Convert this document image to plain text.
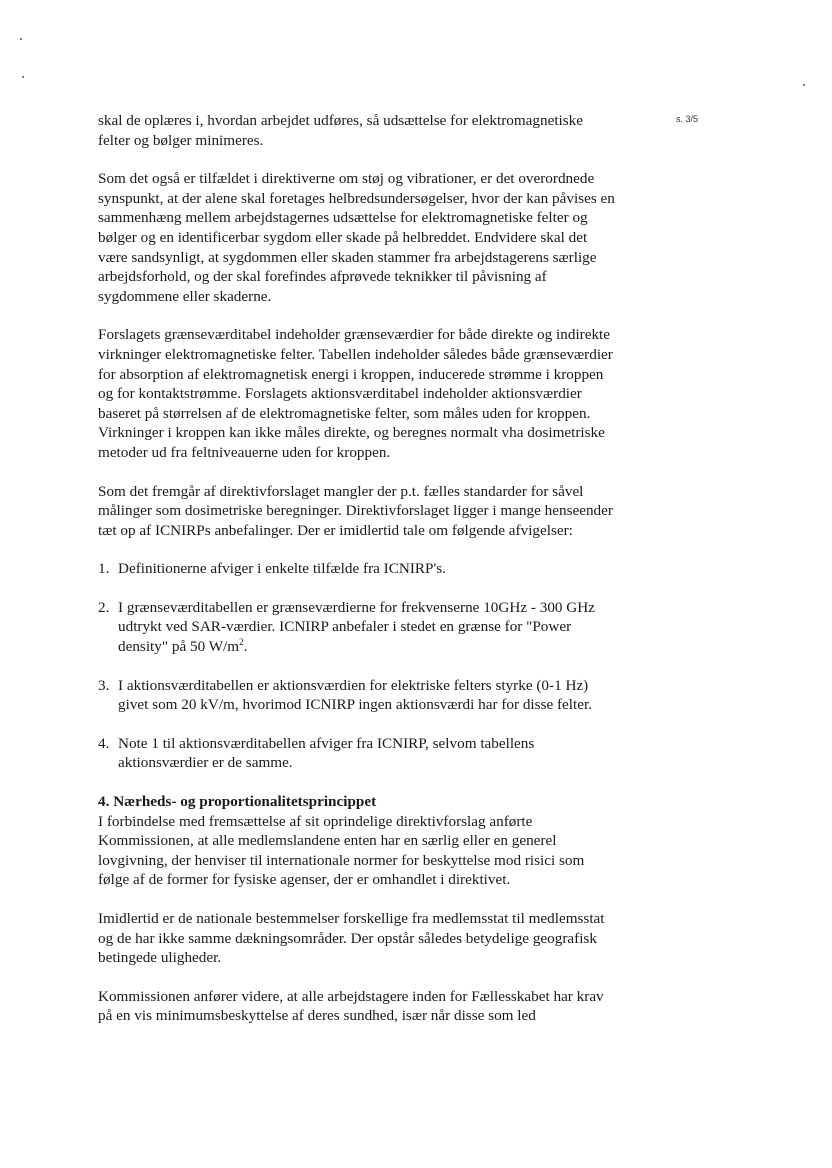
s. 3/5

skal de oplæres i, hvordan arbejdet udføres, så udsættelse for elektromagnetiske felter og bølger minimeres.

Som det også er tilfældet i direktiverne om støj og vibrationer, er det overordnede synspunkt, at der alene skal foretages helbredsundersøgelser, hvor der kan påvises en sammenhæng mellem arbejdstagernes udsættelse for elektromagnetiske felter og bølger og en identificerbar sygdom eller skade på helbreddet. Endvidere skal det være sandsynligt, at sygdommen eller skaden stammer fra arbejdstagerens særlige arbejdsforhold, og der skal forefindes afprøvede teknikker til påvisning af sygdommene eller skaderne.

Forslagets grænseværditabel indeholder grænseværdier for både direkte og indirekte virkninger elektromagnetiske felter. Tabellen indeholder således både grænseværdier for absorption af elektromagnetisk energi i kroppen, inducerede strømme i kroppen og for kontaktstrømme. Forslagets aktionsværditabel indeholder aktionsværdier baseret på størrelsen af de elektromagnetiske felter, som måles uden for kroppen. Virkninger i kroppen kan ikke måles direkte, og beregnes normalt vha dosimetriske metoder ud fra feltniveauerne uden for kroppen.

Som det fremgår af direktivforslaget mangler der p.t. fælles standarder for såvel målinger som dosimetriske beregninger. Direktivforslaget ligger i mange henseender tæt op af ICNIRPs anbefalinger. Der er imidlertid tale om følgende afvigelser:

1. Definitionerne afviger i enkelte tilfælde fra ICNIRP's.
2. I grænseværditabellen er grænseværdierne for frekvenserne 10GHz - 300 GHz udtrykt ved SAR-værdier. ICNIRP anbefaler i stedet en grænse for "Power density" på 50 $W/m^2$.
3. I aktionsværditabellen er aktionsværdien for elektriske felters styrke (0-1 Hz) givet som 20 kV/m, hvorimod ICNIRP ingen aktionsværdi har for disse felter.
4. Note 1 til aktionsværditabellen afviger fra ICNIRP, selvom tabellens aktionsværdier er de samme.
4. Nærheds- og proportionalitetsprincippet

I forbindelse med fremsættelse af sit oprindelige direktivforslag anførte Kommissionen, at alle medlemslandene enten har en særlig eller en generel lovgivning, der henviser til internationale normer for beskyttelse mod risici som følge af de former for fysiske agenser, der er omhandlet i direktivet.

Imidlertid er de nationale bestemmelser forskellige fra medlemsstat til medlemsstat og de har ikke samme dækningsområder. Der opstår således betydelige geografisk betingede uligheder.

Kommissionen anfører videre, at alle arbejdstagere inden for Fællesskabet har krav på en vis minimumsbeskyttelse af deres sundhed, især når disse som led
